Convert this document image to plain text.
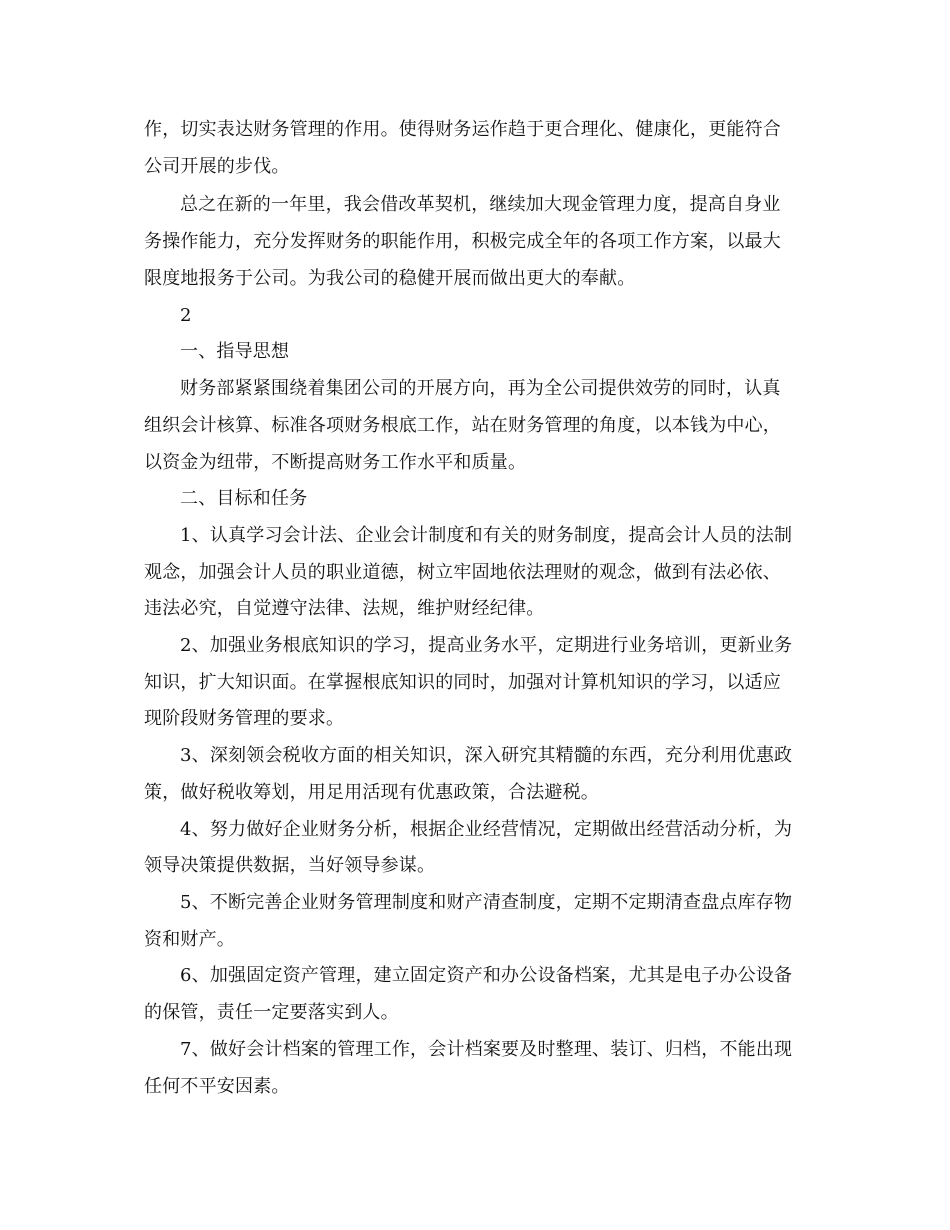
作，切实表达财务管理的作用。使得财务运作趋于更合理化、健康化，更能符合
公司开展的步伐。
总之在新的一年里，我会借改革契机，继续加大现金管理力度，提高自身业
务操作能力，充分发挥财务的职能作用，积极完成全年的各项工作方案，以最大
限度地报务于公司。为我公司的稳健开展而做出更大的奉献。
2
一、指导思想
财务部紧紧围绕着集团公司的开展方向，再为全公司提供效劳的同时，认真
组织会计核算、标准各项财务根底工作，站在财务管理的角度，以本钱为中心，
以资金为纽带，不断提高财务工作水平和质量。
二、目标和任务
1、认真学习会计法、企业会计制度和有关的财务制度，提高会计人员的法制
观念，加强会计人员的职业道德，树立牢固地依法理财的观念，做到有法必依、
违法必究，自觉遵守法律、法规，维护财经纪律。
2、加强业务根底知识的学习，提高业务水平，定期进行业务培训，更新业务
知识，扩大知识面。在掌握根底知识的同时，加强对计算机知识的学习，以适应
现阶段财务管理的要求。
3、深刻领会税收方面的相关知识，深入研究其精髓的东西，充分利用优惠政
策，做好税收筹划，用足用活现有优惠政策，合法避税。
4、努力做好企业财务分析，根据企业经营情况，定期做出经营活动分析，为
领导决策提供数据，当好领导参谋。
5、不断完善企业财务管理制度和财产清查制度，定期不定期清查盘点库存物
资和财产。
6、加强固定资产管理，建立固定资产和办公设备档案，尤其是电子办公设备
的保管，责任一定要落实到人。
7、做好会计档案的管理工作，会计档案要及时整理、装订、归档，不能出现
任何不平安因素。
